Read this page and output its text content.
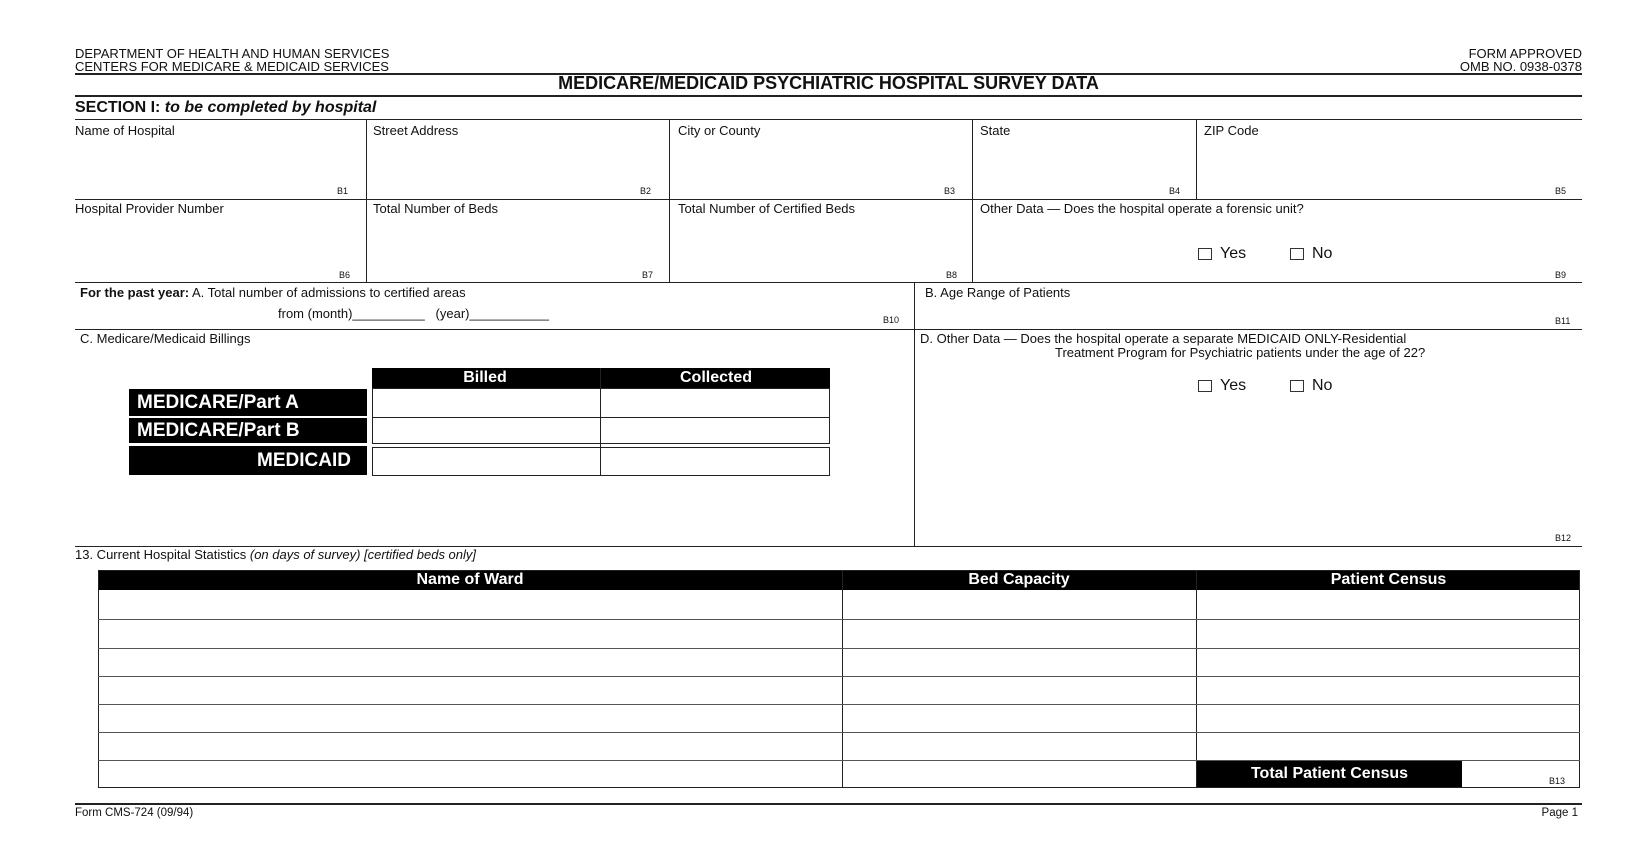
DEPARTMENT OF HEALTH AND HUMAN SERVICES
CENTERS FOR MEDICARE & MEDICAID SERVICES
FORM APPROVED
OMB NO. 0938-0378
MEDICARE/MEDICAID PSYCHIATRIC HOSPITAL SURVEY DATA
SECTION I: to be completed by hospital
Name of Hospital
B1
Street Address
B2
City or County
B3
State
B4
ZIP Code
B5
Hospital Provider Number
B6
Total Number of Beds
B7
Total Number of Certified Beds
B8
Other Data — Does the hospital operate a forensic unit?
Yes	No
B9
For the past year: A. Total number of admissions to certified areas
from (month)__________   (year)___________	B10
B. Age Range of Patients
B11
C. Medicare/Medicaid Billings
Billed	Collected
MEDICARE/Part A
MEDICARE/Part B
MEDICAID
D. Other Data — Does the hospital operate a separate MEDICAID ONLY-Residential
Treatment Program for Psychiatric patients under the age of 22?
Yes	No
B12
13. Current Hospital Statistics (on days of survey) [certified beds only]
Name of Ward	Bed Capacity	Patient Census
Total Patient Census	B13
Form CMS-724 (09/94)	Page 1
